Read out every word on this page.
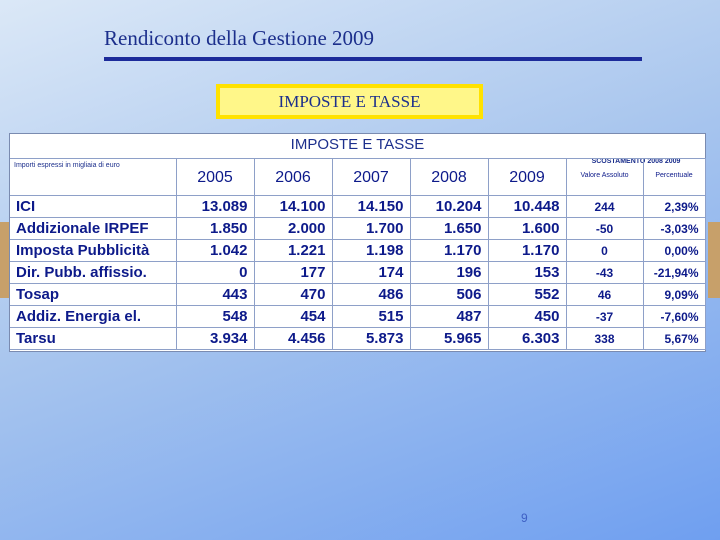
Rendiconto della Gestione 2009
IMPOSTE E TASSE
IMPOSTE E TASSE
Importi espressi in migliaia di euro
SCOSTAMENTO 2008 2009
	2005	2006	2007	2008	2009	Valore Assoluto	Percentuale
ICI	13.089	14.100	14.150	10.204	10.448	244	2,39%
Addizionale IRPEF	1.850	2.000	1.700	1.650	1.600	-50	-3,03%
Imposta Pubblicità	1.042	1.221	1.198	1.170	1.170	0	0,00%
Dir. Pubb. affissio.	0	177	174	196	153	-43	-21,94%
Tosap	443	470	486	506	552	46	9,09%
Addiz. Energia el.	548	454	515	487	450	-37	-7,60%
Tarsu	3.934	4.456	5.873	5.965	6.303	338	5,67%
9
